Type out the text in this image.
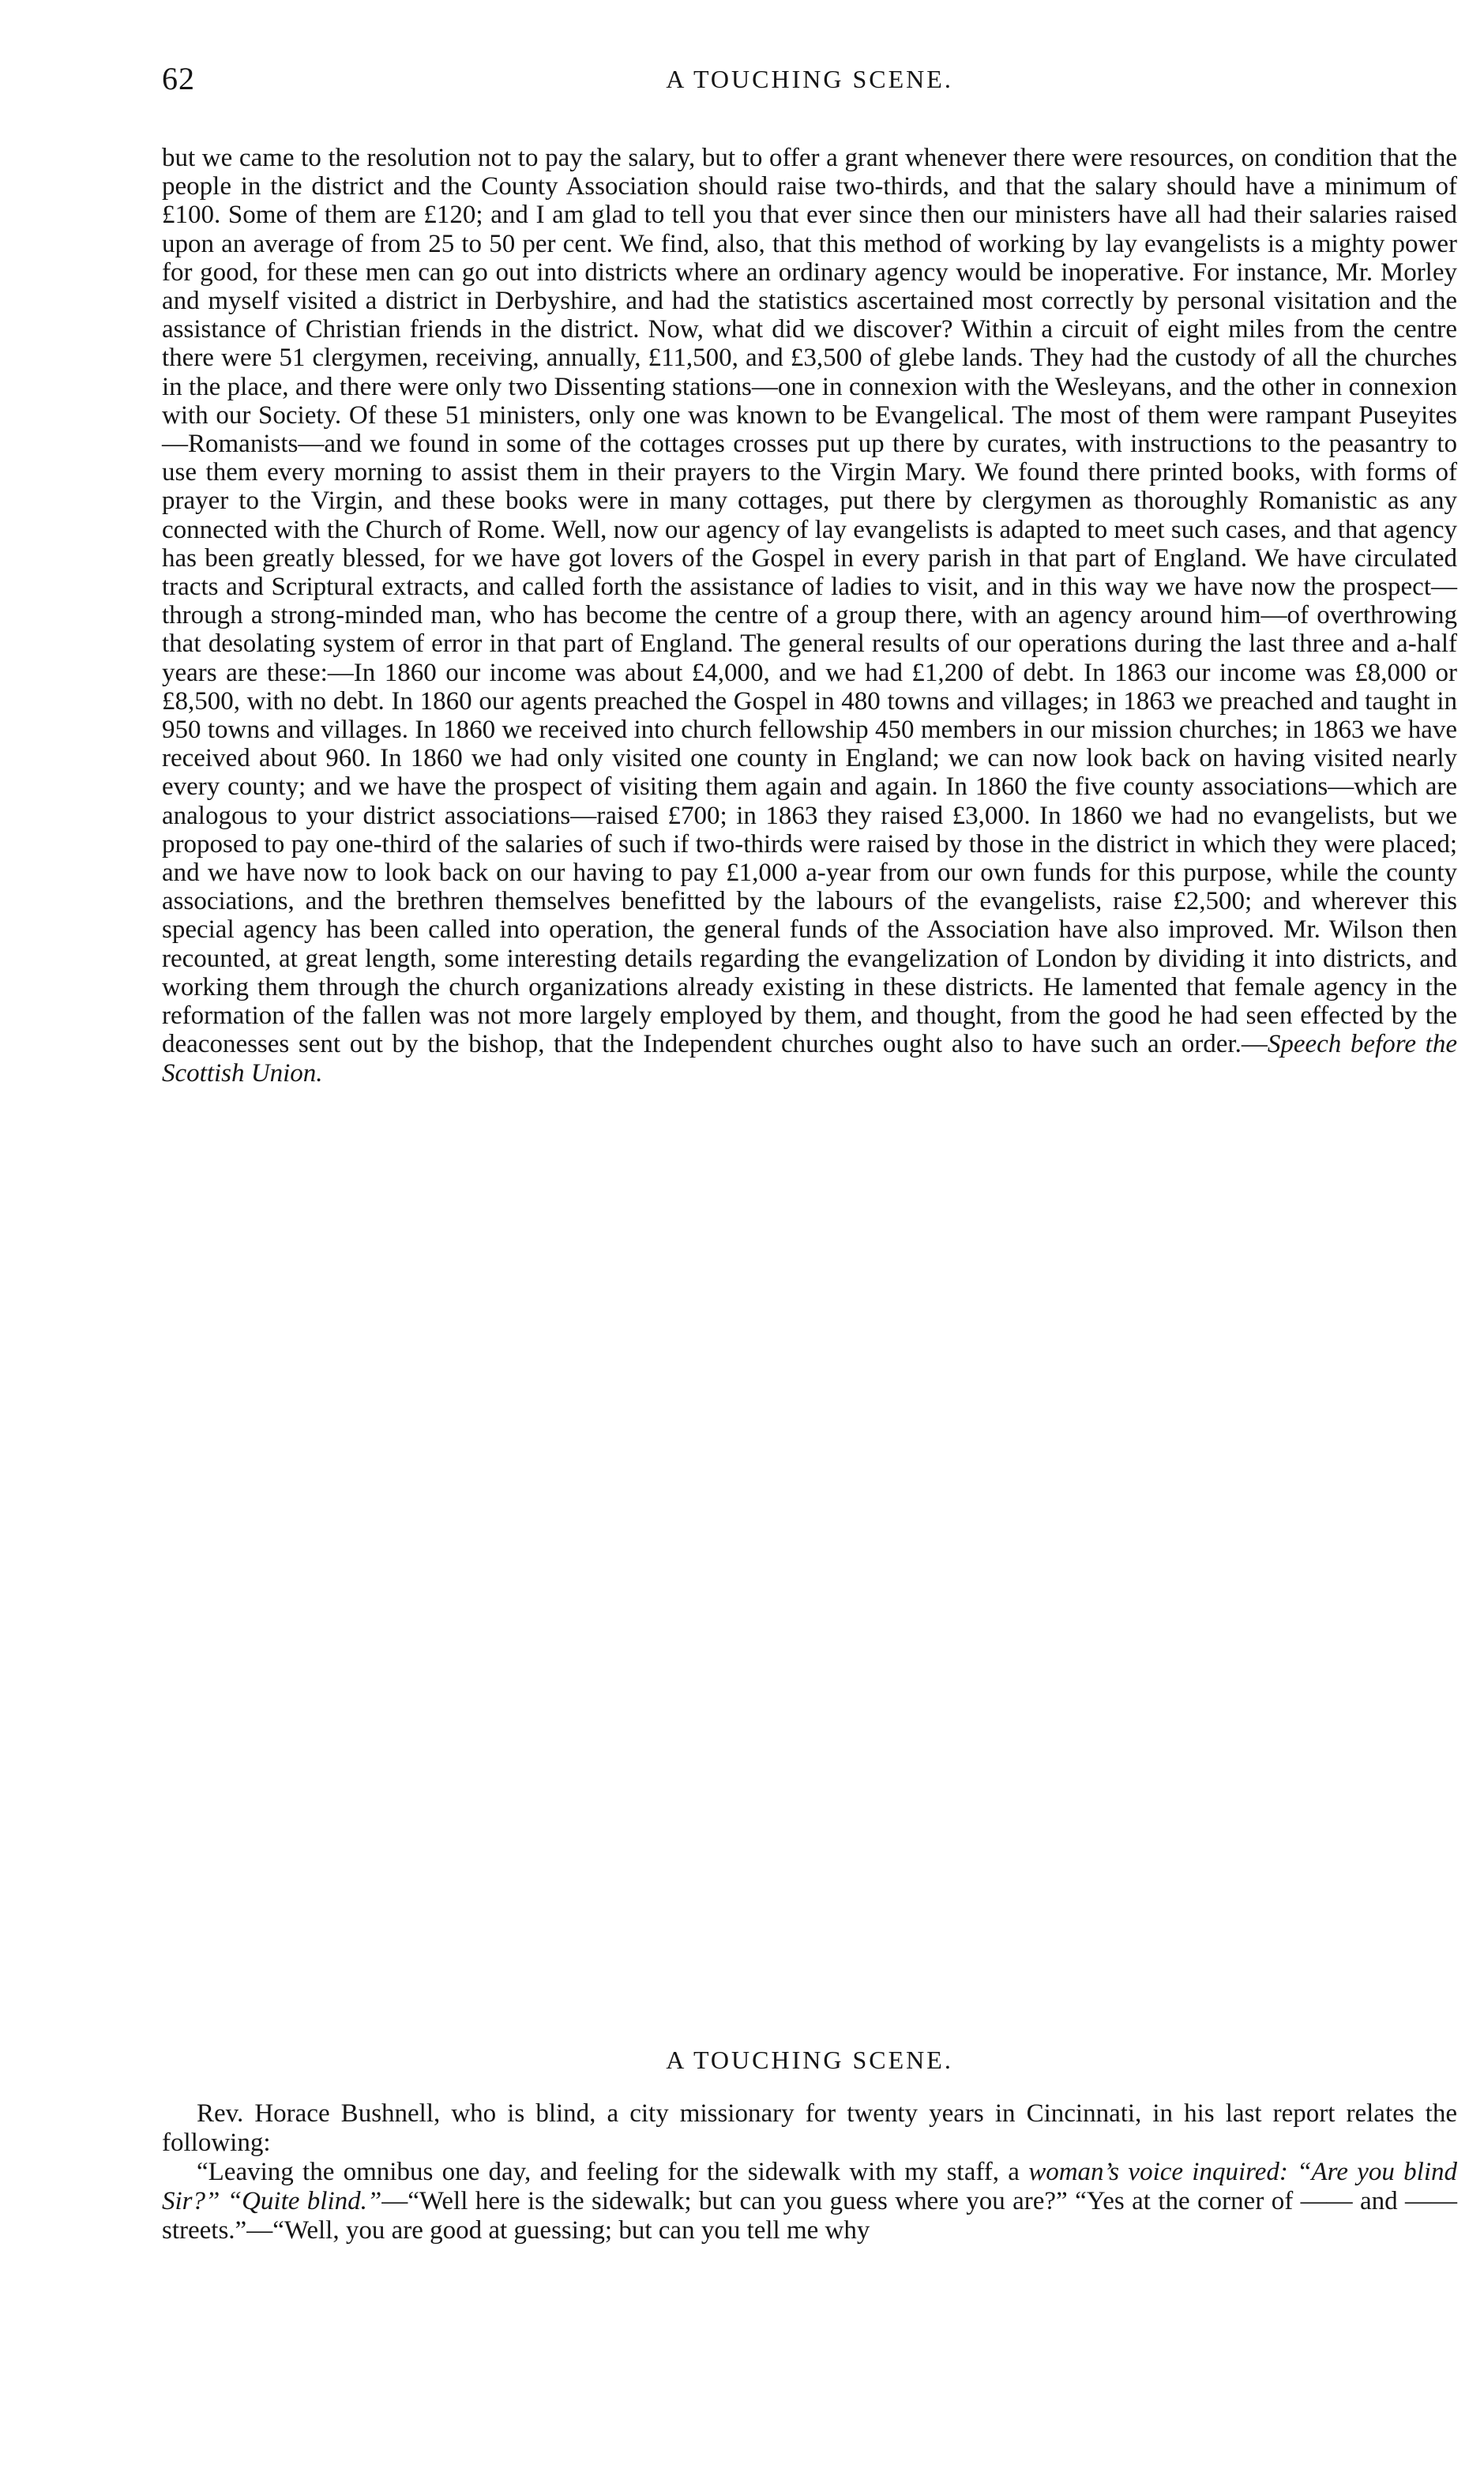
62	A TOUCHING SCENE.

but we came to the resolution not to pay the salary, but to offer a grant whenever there were resources, on condition that the people in the district and the County Association should raise two-thirds, and that the salary should have a minimum of £100. Some of them are £120; and I am glad to tell you that ever since then our ministers have all had their salaries raised upon an average of from 25 to 50 per cent. We find, also, that this method of working by lay evangelists is a mighty power for good, for these men can go out into districts where an ordinary agency would be inoperative. For instance, Mr. Morley and myself visited a district in Derbyshire, and had the statistics ascertained most correctly by personal visitation and the assistance of Christian friends in the district. Now, what did we discover? Within a circuit of eight miles from the centre there were 51 clergymen, receiving, annually, £11,500, and £3,500 of glebe lands. They had the custody of all the churches in the place, and there were only two Dissenting stations—one in connexion with the Wesleyans, and the other in connexion with our Society. Of these 51 ministers, only one was known to be Evangelical. The most of them were rampant Puseyites—Romanists—and we found in some of the cottages crosses put up there by curates, with instructions to the peasantry to use them every morning to assist them in their prayers to the Virgin Mary. We found there printed books, with forms of prayer to the Virgin, and these books were in many cottages, put there by clergymen as thoroughly Romanistic as any connected with the Church of Rome. Well, now our agency of lay evangelists is adapted to meet such cases, and that agency has been greatly blessed, for we have got lovers of the Gospel in every parish in that part of England. We have circulated tracts and Scriptural extracts, and called forth the assistance of ladies to visit, and in this way we have now the prospect—through a strong-minded man, who has become the centre of a group there, with an agency around him—of overthrowing that desolating system of error in that part of England. The general results of our operations during the last three and a-half years are these:—In 1860 our income was about £4,000, and we had £1,200 of debt. In 1863 our income was £8,000 or £8,500, with no debt. In 1860 our agents preached the Gospel in 480 towns and villages; in 1863 we preached and taught in 950 towns and villages. In 1860 we received into church fellowship 450 members in our mission churches; in 1863 we have received about 960. In 1860 we had only visited one county in England; we can now look back on having visited nearly every county; and we have the prospect of visiting them again and again. In 1860 the five county associations—which are analogous to your district associations—raised £700; in 1863 they raised £3,000. In 1860 we had no evangelists, but we proposed to pay one-third of the salaries of such if two-thirds were raised by those in the district in which they were placed; and we have now to look back on our having to pay £1,000 a-year from our own funds for this purpose, while the county associations, and the brethren themselves benefitted by the labours of the evangelists, raise £2,500; and wherever this special agency has been called into operation, the general funds of the Association have also improved. Mr. Wilson then recounted, at great length, some interesting details regarding the evangelization of London by dividing it into districts, and working them through the church organizations already existing in these districts. He lamented that female agency in the reformation of the fallen was not more largely employed by them, and thought, from the good he had seen effected by the deaconesses sent out by the bishop, that the Independent churches ought also to have such an order.—Speech before the Scottish Union.

A TOUCHING SCENE.

Rev. Horace Bushnell, who is blind, a city missionary for twenty years in Cincinnati, in his last report relates the following:

“Leaving the omnibus one day, and feeling for the sidewalk with my staff, a woman’s voice inquired: “Are you blind Sir?” “Quite blind.”—“Well here is the sidewalk; but can you guess where you are?” “Yes at the corner of —— and —— streets.”—“Well, you are good at guessing; but can you tell me why
